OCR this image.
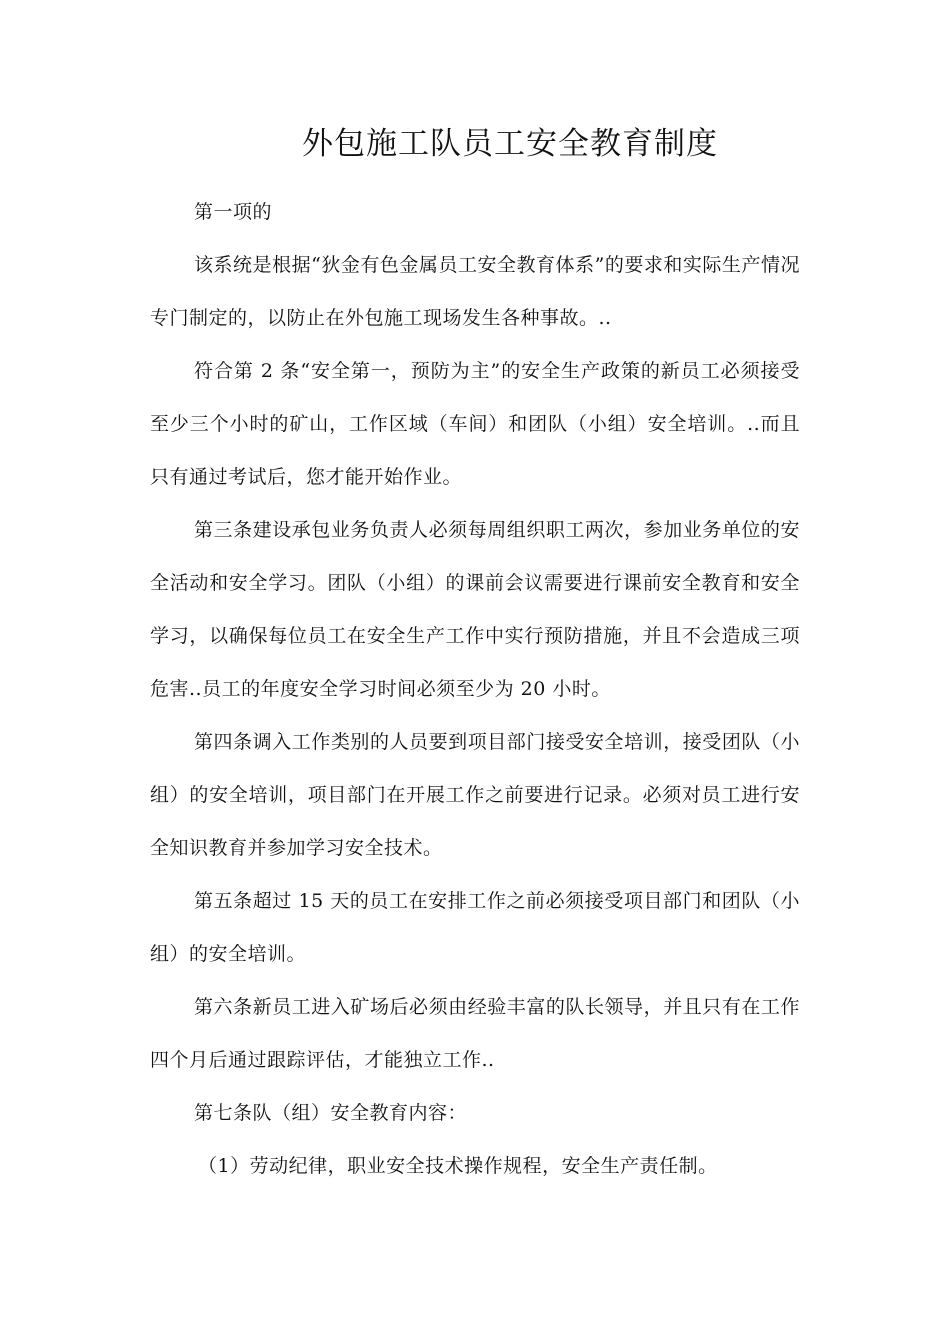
外包施工队员工安全教育制度

第一项的

该系统是根据“狄金有色金属员工安全教育体系”的要求和实际生产情况专门制定的，以防止在外包施工现场发生各种事故。..

符合第 2 条“安全第一，预防为主”的安全生产政策的新员工必须接受至少三个小时的矿山，工作区域（车间）和团队（小组）安全培训。..而且只有通过考试后，您才能开始作业。

第三条建设承包业务负责人必须每周组织职工两次，参加业务单位的安全活动和安全学习。团队（小组）的课前会议需要进行课前安全教育和安全学习，以确保每位员工在安全生产工作中实行预防措施，并且不会造成三项危害..员工的年度安全学习时间必须至少为 20 小时。

第四条调入工作类别的人员要到项目部门接受安全培训，接受团队（小组）的安全培训，项目部门在开展工作之前要进行记录。必须对员工进行安全知识教育并参加学习安全技术。

第五条超过 15 天的员工在安排工作之前必须接受项目部门和团队（小组）的安全培训。

第六条新员工进入矿场后必须由经验丰富的队长领导，并且只有在工作四个月后通过跟踪评估，才能独立工作..

第七条队（组）安全教育内容：

（1）劳动纪律，职业安全技术操作规程，安全生产责任制。
